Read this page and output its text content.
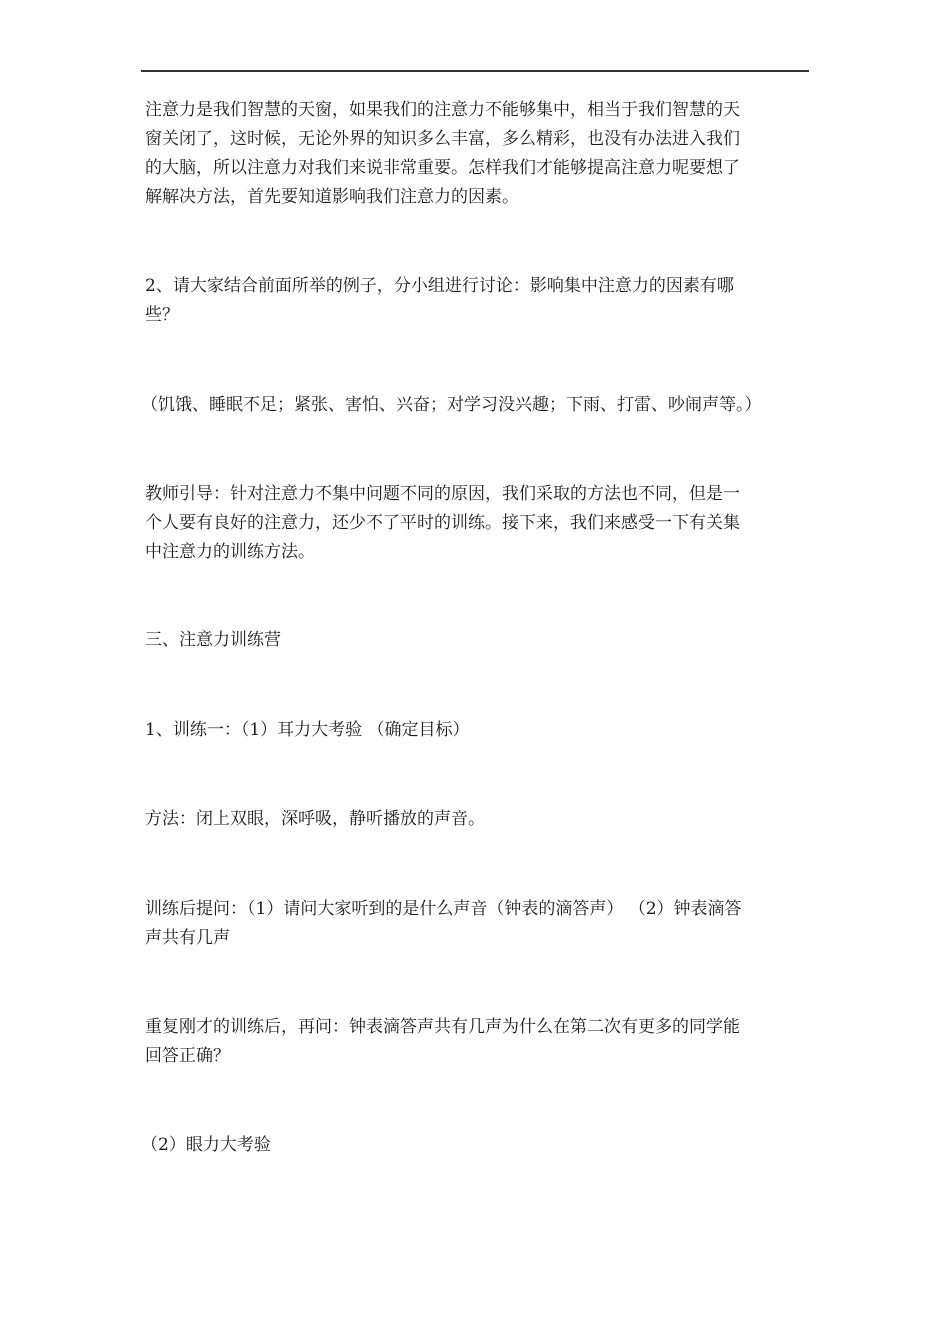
注意力是我们智慧的天窗，如果我们的注意力不能够集中，相当于我们智慧的天
窗关闭了，这时候，无论外界的知识多么丰富，多么精彩，也没有办法进入我们
的大脑，所以注意力对我们来说非常重要。怎样我们才能够提高注意力呢要想了
解解决方法，首先要知道影响我们注意力的因素。
2、请大家结合前面所举的例子，分小组进行讨论：影响集中注意力的因素有哪
些？
（饥饿、睡眠不足；紧张、害怕、兴奋；对学习没兴趣；下雨、打雷、吵闹声等。）
教师引导：针对注意力不集中问题不同的原因，我们采取的方法也不同，但是一
个人要有良好的注意力，还少不了平时的训练。接下来，我们来感受一下有关集
中注意力的训练方法。
三、注意力训练营
1、训练一：（1）耳力大考验 （确定目标）
方法：闭上双眼，深呼吸，静听播放的声音。
训练后提问：（1）请问大家听到的是什么声音（钟表的滴答声） （2）钟表滴答
声共有几声
重复刚才的训练后，再问：钟表滴答声共有几声为什么在第二次有更多的同学能
回答正确？
（2）眼力大考验
